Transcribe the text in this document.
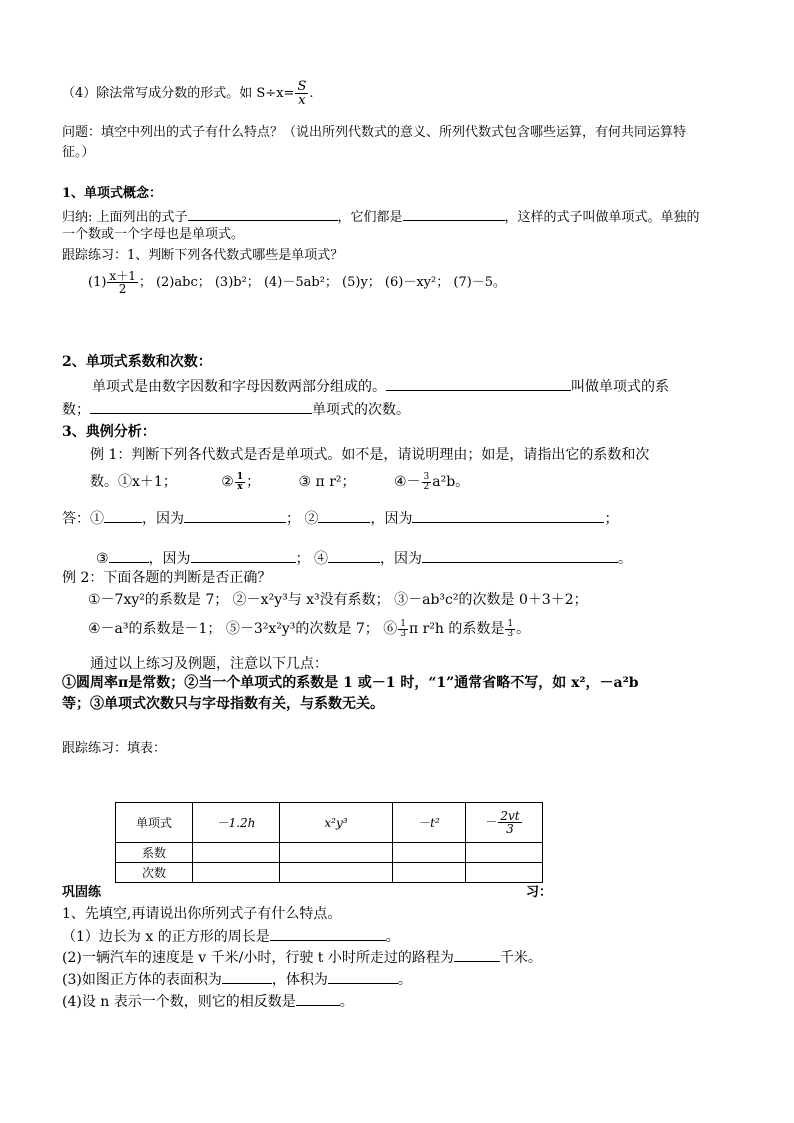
（4）除法常写成分数的形式。如 $S\div x= \frac{S}{x}$ .
问题：填空中列出的式子有什么特点？（说出所列代数式的意义、所列代数式包含哪些运算，有何共同运算特
征。）
1、单项式概念：
归纳: 上面列出的式子	，它们都是	，这样的式子叫做单项式。单独的
一个数或一个字母也是单项式。
跟踪练习：1、判断下列各代数式哪些是单项式？
$(1) \frac{x+1}{2}$ ； (2)abc； (3)b²； (4)－5ab²； (5)y； (6)－xy²； (7)－5。
2、单项式系数和次数：
单项式是由数字因数和字母因数两部分组成的。	叫做单项式的系
数；	单项式的次数。
3、典例分析：
例 1：判断下列各代数式是否是单项式。如不是，请说明理由；如是，请指出它的系数和次
数。①x＋1；	② $\frac{1}{x}$ ；	③ π r²；	④－ $\frac{3}{2} a^2b$。
答：①	，因为	； ②	，因为	；
③	，因为	； ④	，因为	。
例 2：下面各题的判断是否正确？
①－7xy²的系数是 7； ②－x²y³与 x³没有系数； ③－ab³c²的次数是 0＋3＋2；
④－a³的系数是－1； ⑤－3²x²y³的次数是 7； ⑥ $\frac{1}{3}$ π r²h 的系数是 $\frac{1}{3}$ 。
通过以上练习及例题，注意以下几点：
①圆周率π是常数；②当一个单项式的系数是 1 或－1 时，“1”通常省略不写，如 x²，－a²b
等；③单项式次数只与字母指数有关，与系数无关。
跟踪练习：填表：
单项式	－1.2h	x²y³	－t²	－ $\frac{2vt}{3}$

系数				
次数				
巩固练	习：
1、先填空,再请说出你所列式子有什么特点。
（1）边长为 x 的正方形的周长是	。
(2)一辆汽车的速度是 v 千米/小时，行驶 t 小时所走过的路程为	千米。
(3)如图正方体的表面积为	，体积为	。
(4)设 n 表示一个数，则它的相反数是	。
